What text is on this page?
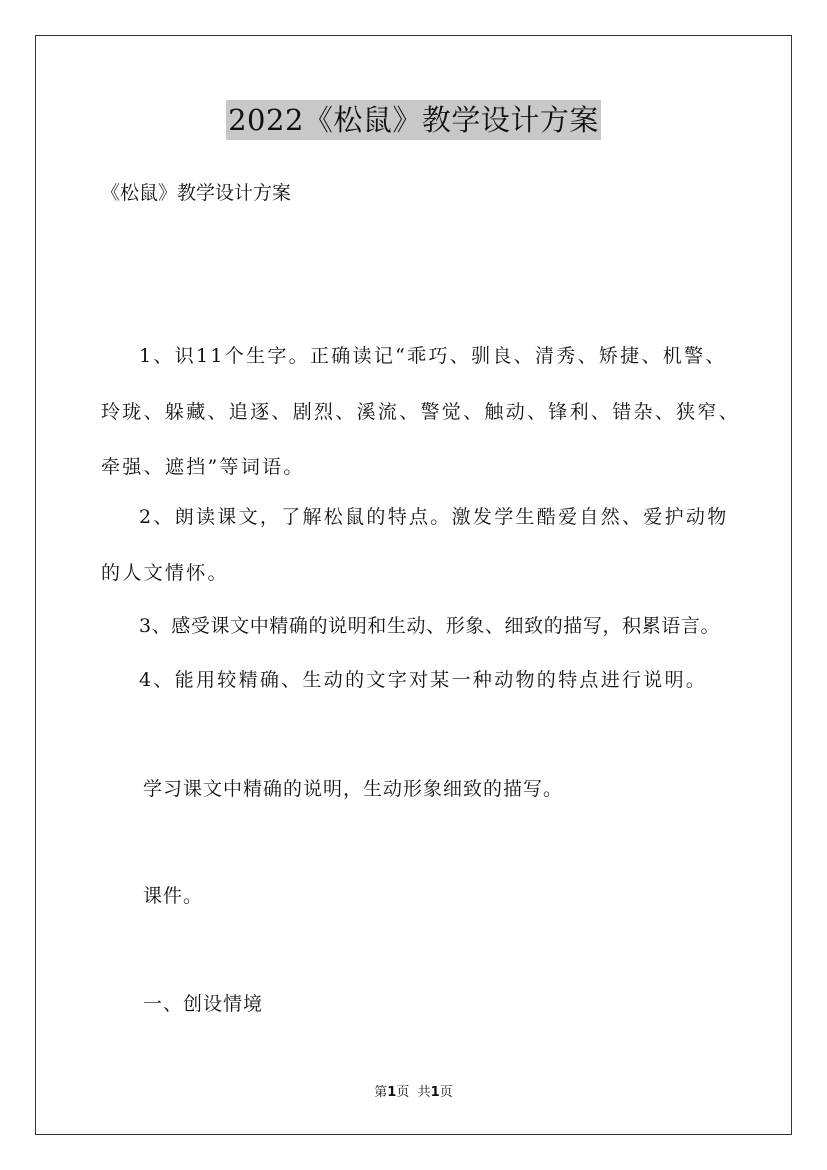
2022《松鼠》教学设计方案
《松鼠》教学设计方案

1、识11个生字。正确读记“乖巧、驯良、清秀、矫捷、机警、玲珑、躲藏、追逐、剧烈、溪流、警觉、触动、锋利、错杂、狭窄、牵强、遮挡”等词语。

2、朗读课文，了解松鼠的特点。激发学生酷爱自然、爱护动物的人文情怀。

3、感受课文中精确的说明和生动、形象、细致的描写，积累语言。

4、能用较精确、生动的文字对某一种动物的特点进行说明。

学习课文中精确的说明，生动形象细致的描写。
课件。
一、创设情境
第1页 共1页
